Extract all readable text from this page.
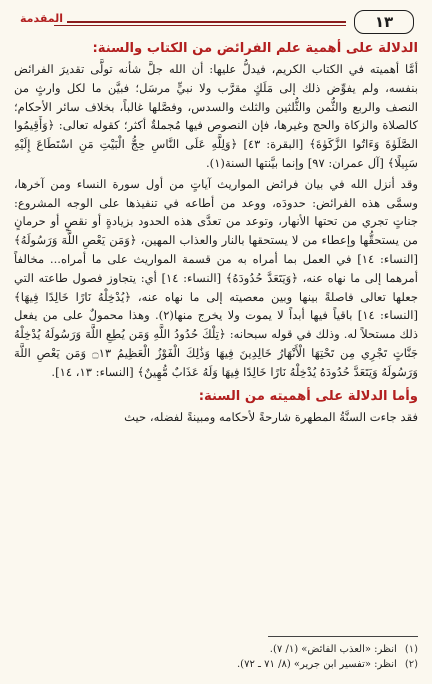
١٣
المقدمة
الدلالة على أهمية علم الفرائض من الكتاب والسنة:

أمَّا أهميته في الكتاب الكريم، فيدلُّ عليها: أن الله جلَّ شأنه تولَّى تقديرَ الفرائض بنفسه، ولم يفوِّض ذلك إلى مَلَكٍ مقرَّب ولا نبيٍّ مرسَل؛ فبيَّن ما لكل وارثٍ من النصف والربع والثُّمن والثُّلثين والثلث والسدس، وفصَّلها غالباً، بخلاف سائر الأحكام؛ كالصلاة والزكاة والحج وغيرها، فإن النصوص فيها مُجملةٌ أكثر؛ كقوله تعالى: ﴿وَأَقِيمُوا الصَّلَوٰةَ وَءَاتُوا الزَّكَوٰةَ﴾ [البقرة: ٤٣] ﴿وَلِلَّهِ عَلَى النَّاسِ حِجُّ الْبَيْتِ مَنِ اسْتَطَاعَ إِلَيْهِ سَبِيلًا﴾ [آل عمران: ٩٧] وإنما بيَّنتها السنة(١).

وقد أنزل الله في بيان فرائض المواريث آياتٍ من أول سورة النساء ومن آخرها، وسمَّى هذه الفرائض: حدودَه، ووعد من أطاعه في تنفيذها على الوجه المشروع: جناتٍ تجري من تحتها الأنهار، وتوعد من تعدَّى هذه الحدود بزيادةٍ أو نقصٍ أو حرمانٍ من يستحقُّها وإعطاء من لا يستحقها بالنار والعذاب المهين، ﴿وَمَن يَعْصِ اللَّهَ وَرَسُولَهُ﴾ [النساء: ١٤] في العمل بما أمراه به من قسمة المواريث على ما أمراه... مخالفاً أمرهما إلى ما نهاه عنه، ﴿وَيَتَعَدَّ حُدُودَهُ﴾ [النساء: ١٤] أي: يتجاوز فصول طاعته التي جعلها تعالى فاصلةً بينها وبين معصيته إلى ما نهاه عنه، ﴿يُدْخِلْهُ نَارًا خَالِدًا فِيهَا﴾ [النساء: ١٤] باقياً فيها أبداً لا يموت ولا يخرج منها(٢). وهذا محمولٌ على من يفعل ذلك مستحلاً له. وذلك في قوله سبحانه: ﴿تِلْكَ حُدُودُ اللَّهِ وَمَن يُطِعِ اللَّهَ وَرَسُولَهُ يُدْخِلْهُ جَنَّاتٍ تَجْرِي مِن تَحْتِهَا الْأَنْهَارُ خَالِدِينَ فِيهَا وَذَٰلِكَ الْفَوْزُ الْعَظِيمُ ۝١٣ وَمَن يَعْصِ اللَّهَ وَرَسُولَهُ وَيَتَعَدَّ حُدُودَهُ يُدْخِلْهُ نَارًا خَالِدًا فِيهَا وَلَهُ عَذَابٌ مُّهِينٌ﴾ [النساء: ١٣، ١٤].

وأما الدلالة على أهميته من السنة:

فقد جاءت السنَّةُ المطهرة شارحةً لأحكامه ومبينةً لفضله، حيث

(١)
انظر: «العذب الفائض» (١/ ٧).
(٢)
انظر: «تفسير ابن جرير» (٨/ ٧١ ـ ٧٢).
